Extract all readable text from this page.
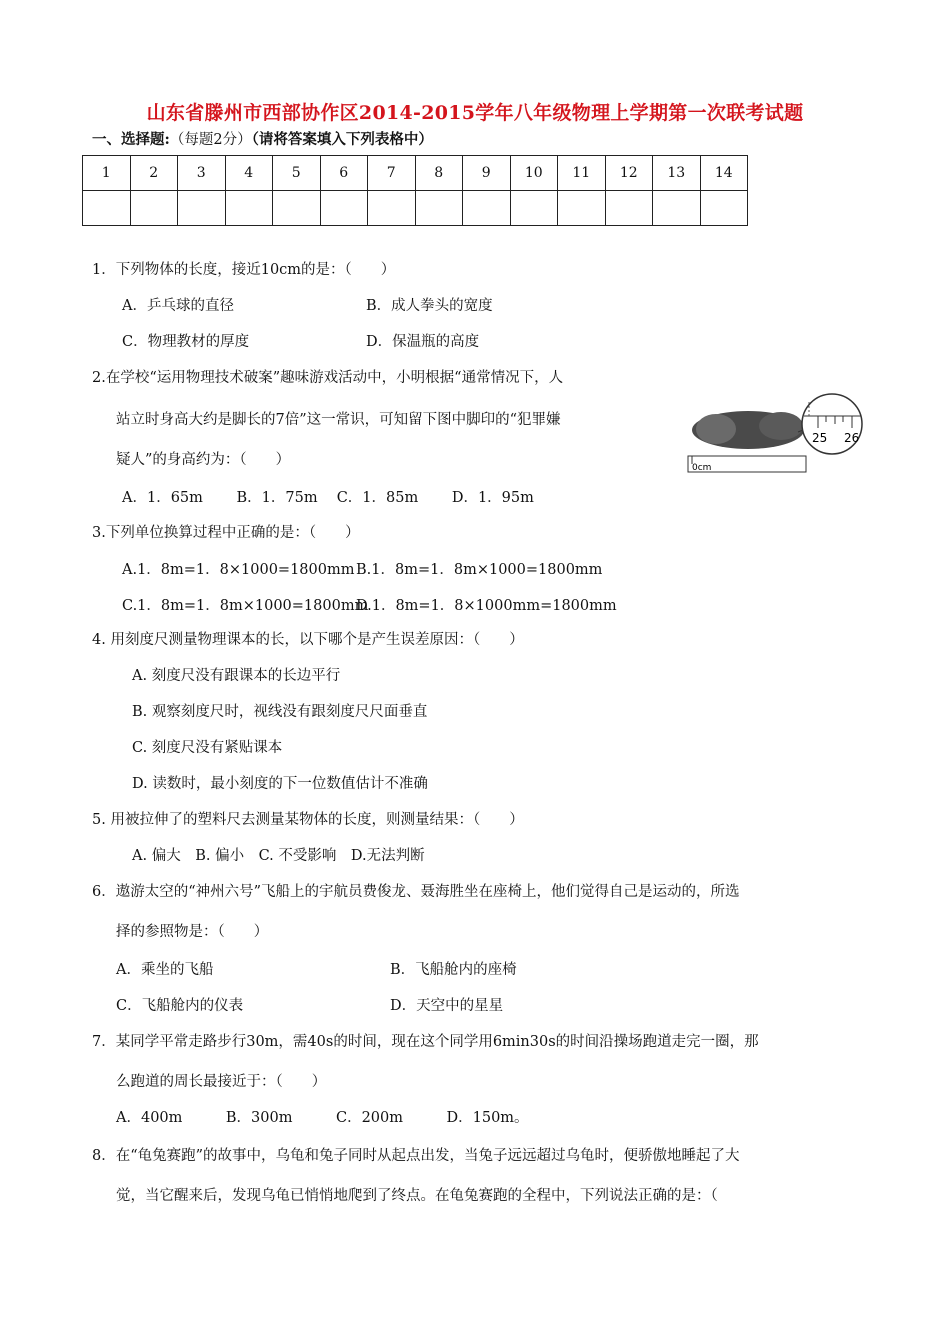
山东省滕州市西部协作区2014-2015学年八年级物理上学期第一次联考试题
一、选择题:（每题2分）（请将答案填入下列表格中）
1	2	3	4	5	6	7	8	9	10	11	12	13	14

1．下列物体的长度，接近10cm的是：（　　）
A．乒乓球的直径	B．成人拳头的宽度
C．物理教材的厚度	D．保温瓶的高度
2.在学校“运用物理技术破案”趣味游戏活动中，小明根据“通常情况下，人
站立时身高大约是脚长的7倍”这一常识，可知留下图中脚印的“犯罪嫌
疑人”的身高约为：（　　）
A．1．65m　　 B．1．75m　 C．1．85m　　 D．1．95m
0cm
25 26
3.下列单位换算过程中正确的是：（　　）
A.1．8m=1．8×1000=1800mm B.1．8m=1．8m×1000=1800mm
C.1．8m=1．8m×1000=1800mm
D.1．8m=1．8×1000mm=1800mm
4. 用刻度尺测量物理课本的长，以下哪个是产生误差原因：（　　）
A. 刻度尺没有跟课本的长边平行
B. 观察刻度尺时，视线没有跟刻度尺尺面垂直
C. 刻度尺没有紧贴课本
D. 读数时，最小刻度的下一位数值估计不准确
5. 用被拉伸了的塑料尺去测量某物体的长度，则测量结果：（　　）
A. 偏大　B. 偏小　C. 不受影响　D.无法判断
6．遨游太空的“神州六号”飞船上的宇航员费俊龙、聂海胜坐在座椅上，他们觉得自己是运动的，所选
择的参照物是：（　　）
A．乘坐的飞船	B．飞船舱内的座椅
C．飞船舱内的仪表	D．天空中的星星
7．某同学平常走路步行30m，需40s的时间，现在这个同学用6min30s的时间沿操场跑道走完一圈，那
么跑道的周长最接近于：（　　）
A．400m　　　B．300m　　　C．200m　　　D．150m。
8．在“龟兔赛跑”的故事中，乌龟和兔子同时从起点出发，当兔子远远超过乌龟时，便骄傲地睡起了大
觉，当它醒来后，发现乌龟已悄悄地爬到了终点。在龟兔赛跑的全程中，下列说法正确的是：（
